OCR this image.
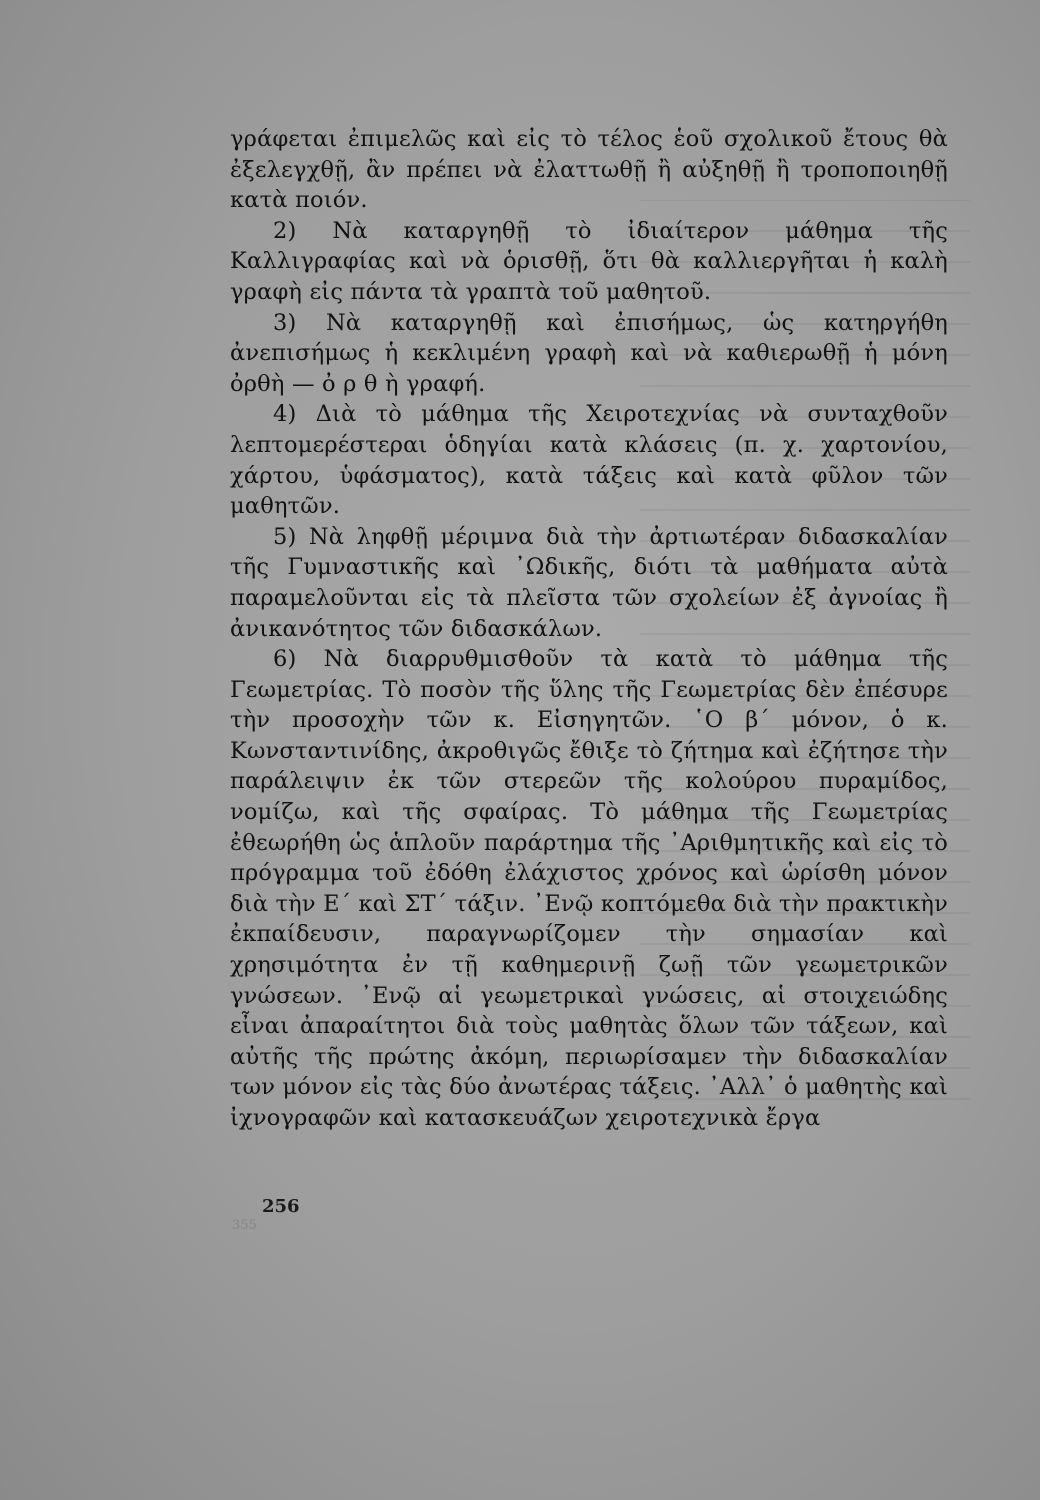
γράφεται ἐπιμελῶς καὶ εἰς τὸ τέλος ἑοῦ σχολικοῦ ἔτους θὰ ἐξελεγχθῇ, ἂν πρέπει νὰ ἐλαττωθῇ ἢ αὐξηθῇ ἢ τροποποιηθῇ κατὰ ποιόν.

2) Νὰ καταργηθῇ τὸ ἰδιαίτερον μάθημα τῆς Καλλιγραφίας καὶ νὰ ὁρισθῇ, ὅτι θὰ καλλιεργῆται ἡ καλὴ γραφὴ εἰς πάντα τὰ γραπτὰ τοῦ μαθητοῦ.

3) Νὰ καταργηθῇ καὶ ἐπισήμως, ὡς κατηργήθη ἀνεπισήμως ἡ κεκλιμένη γραφὴ καὶ νὰ καθιερωθῇ ἡ μόνη ὀρθὴ — ὀ ρ θ ὴ γραφή.

4) Διὰ τὸ μάθημα τῆς Χειροτεχνίας νὰ συνταχθοῦν λεπτομερέστεραι ὁδηγίαι κατὰ κλάσεις (π. χ. χαρτονίου, χάρτου, ὑφάσματος), κατὰ τάξεις καὶ κατὰ φῦλον τῶν μαθητῶν.

5) Νὰ ληφθῇ μέριμνα διὰ τὴν ἀρτιωτέραν διδασκαλίαν τῆς Γυμναστικῆς καὶ ᾿Ωδικῆς, διότι τὰ μαθήματα αὐτὰ παραμελοῦνται εἰς τὰ πλεῖστα τῶν σχολείων ἐξ ἀγνοίας ἢ ἀνικανότητος τῶν διδασκάλων.

6) Νὰ διαρρυθμισθοῦν τὰ κατὰ τὸ μάθημα τῆς Γεωμετρίας. Τὸ ποσὸν τῆς ὕλης τῆς Γεωμετρίας δὲν ἐπέσυρε τὴν προσοχὴν τῶν κ. Εἰσηγητῶν. ῾Ο β΄ μόνον, ὁ κ. Κωνσταντινίδης, ἀκροθιγῶς ἔθιξε τὸ ζήτημα καὶ ἐζήτησε τὴν παράλειψιν ἐκ τῶν στερεῶν τῆς κολούρου πυραμίδος, νομίζω, καὶ τῆς σφαίρας. Τὸ μάθημα τῆς Γεωμετρίας ἐθεωρήθη ὡς ἁπλοῦν παράρτημα τῆς ᾿Αριθμητικῆς καὶ εἰς τὸ πρόγραμμα τοῦ ἐδόθη ἐλάχιστος χρόνος καὶ ὡρίσθη μόνον διὰ τὴν Ε΄ καὶ ΣΤ΄ τάξιν. ᾿Ενῷ κοπτόμεθα διὰ τὴν πρακτικὴν ἐκπαίδευσιν, παραγνωρίζομεν τὴν σημασίαν καὶ χρησιμότητα ἐν τῇ καθημερινῇ ζωῇ τῶν γεωμετρικῶν γνώσεων. ᾿Ενῷ αἱ γεωμετρικαὶ γνώσεις, αἱ στοιχειώδης εἶναι ἀπαραίτητοι διὰ τοὺς μαθητὰς ὅλων τῶν τάξεων, καὶ αὐτῆς τῆς πρώτης ἀκόμη, περιωρίσαμεν τὴν διδασκαλίαν των μόνον εἰς τὰς δύο ἀνωτέρας τάξεις. ᾿Αλλ᾿ ὁ μαθητὴς καὶ ἰχνογραφῶν καὶ κατασκευάζων χειροτεχνικὰ ἔργα

256
355
